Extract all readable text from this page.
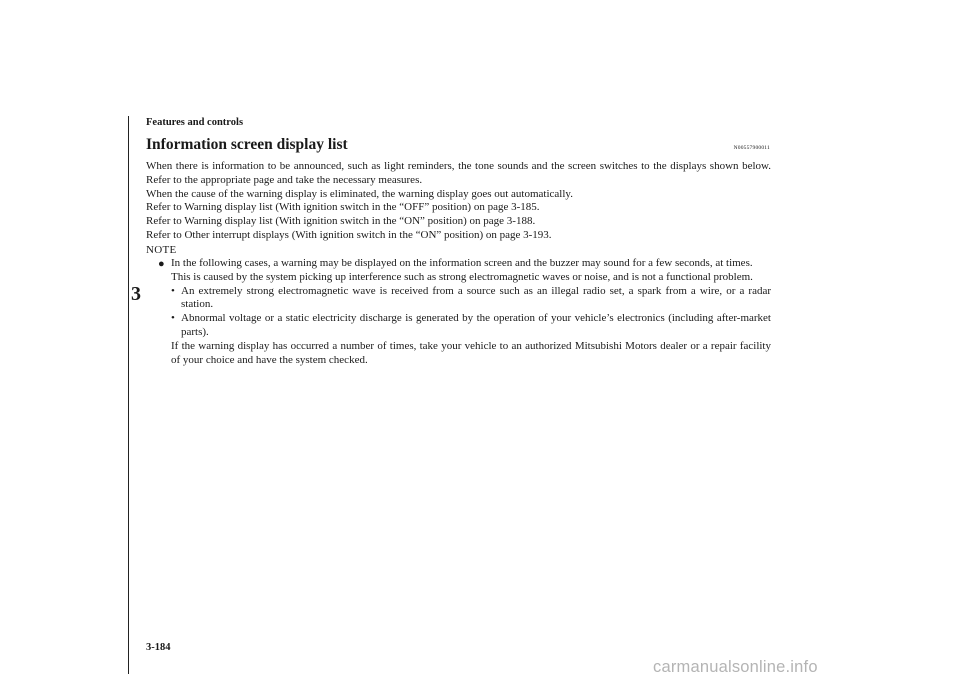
Features and controls
3
Information screen display list	N00557900011

When there is information to be announced, such as light reminders, the tone sounds and the screen switches to the displays shown below. Refer to the appropriate page and take the necessary measures.

When the cause of the warning display is eliminated, the warning display goes out automatically.

Refer to Warning display list (With ignition switch in the “OFF” position) on page 3-185.

Refer to Warning display list (With ignition switch in the “ON” position) on page 3-188.

Refer to Other interrupt displays (With ignition switch in the “ON” position) on page 3-193.

NOTE
● In the following cases, a warning may be displayed on the information screen and the buzzer may sound for a few seconds, at times.

This is caused by the system picking up interference such as strong electromagnetic waves or noise, and is not a functional problem.

• An extremely strong electromagnetic wave is received from a source such as an illegal radio set, a spark from a wire, or a radar station.

• Abnormal voltage or a static electricity discharge is generated by the operation of your vehicle’s electronics (including after-market parts).

If the warning display has occurred a number of times, take your vehicle to an authorized Mitsubishi Motors dealer or a repair facility of your choice and have the system checked.

3-184
carmanualsonline.info
